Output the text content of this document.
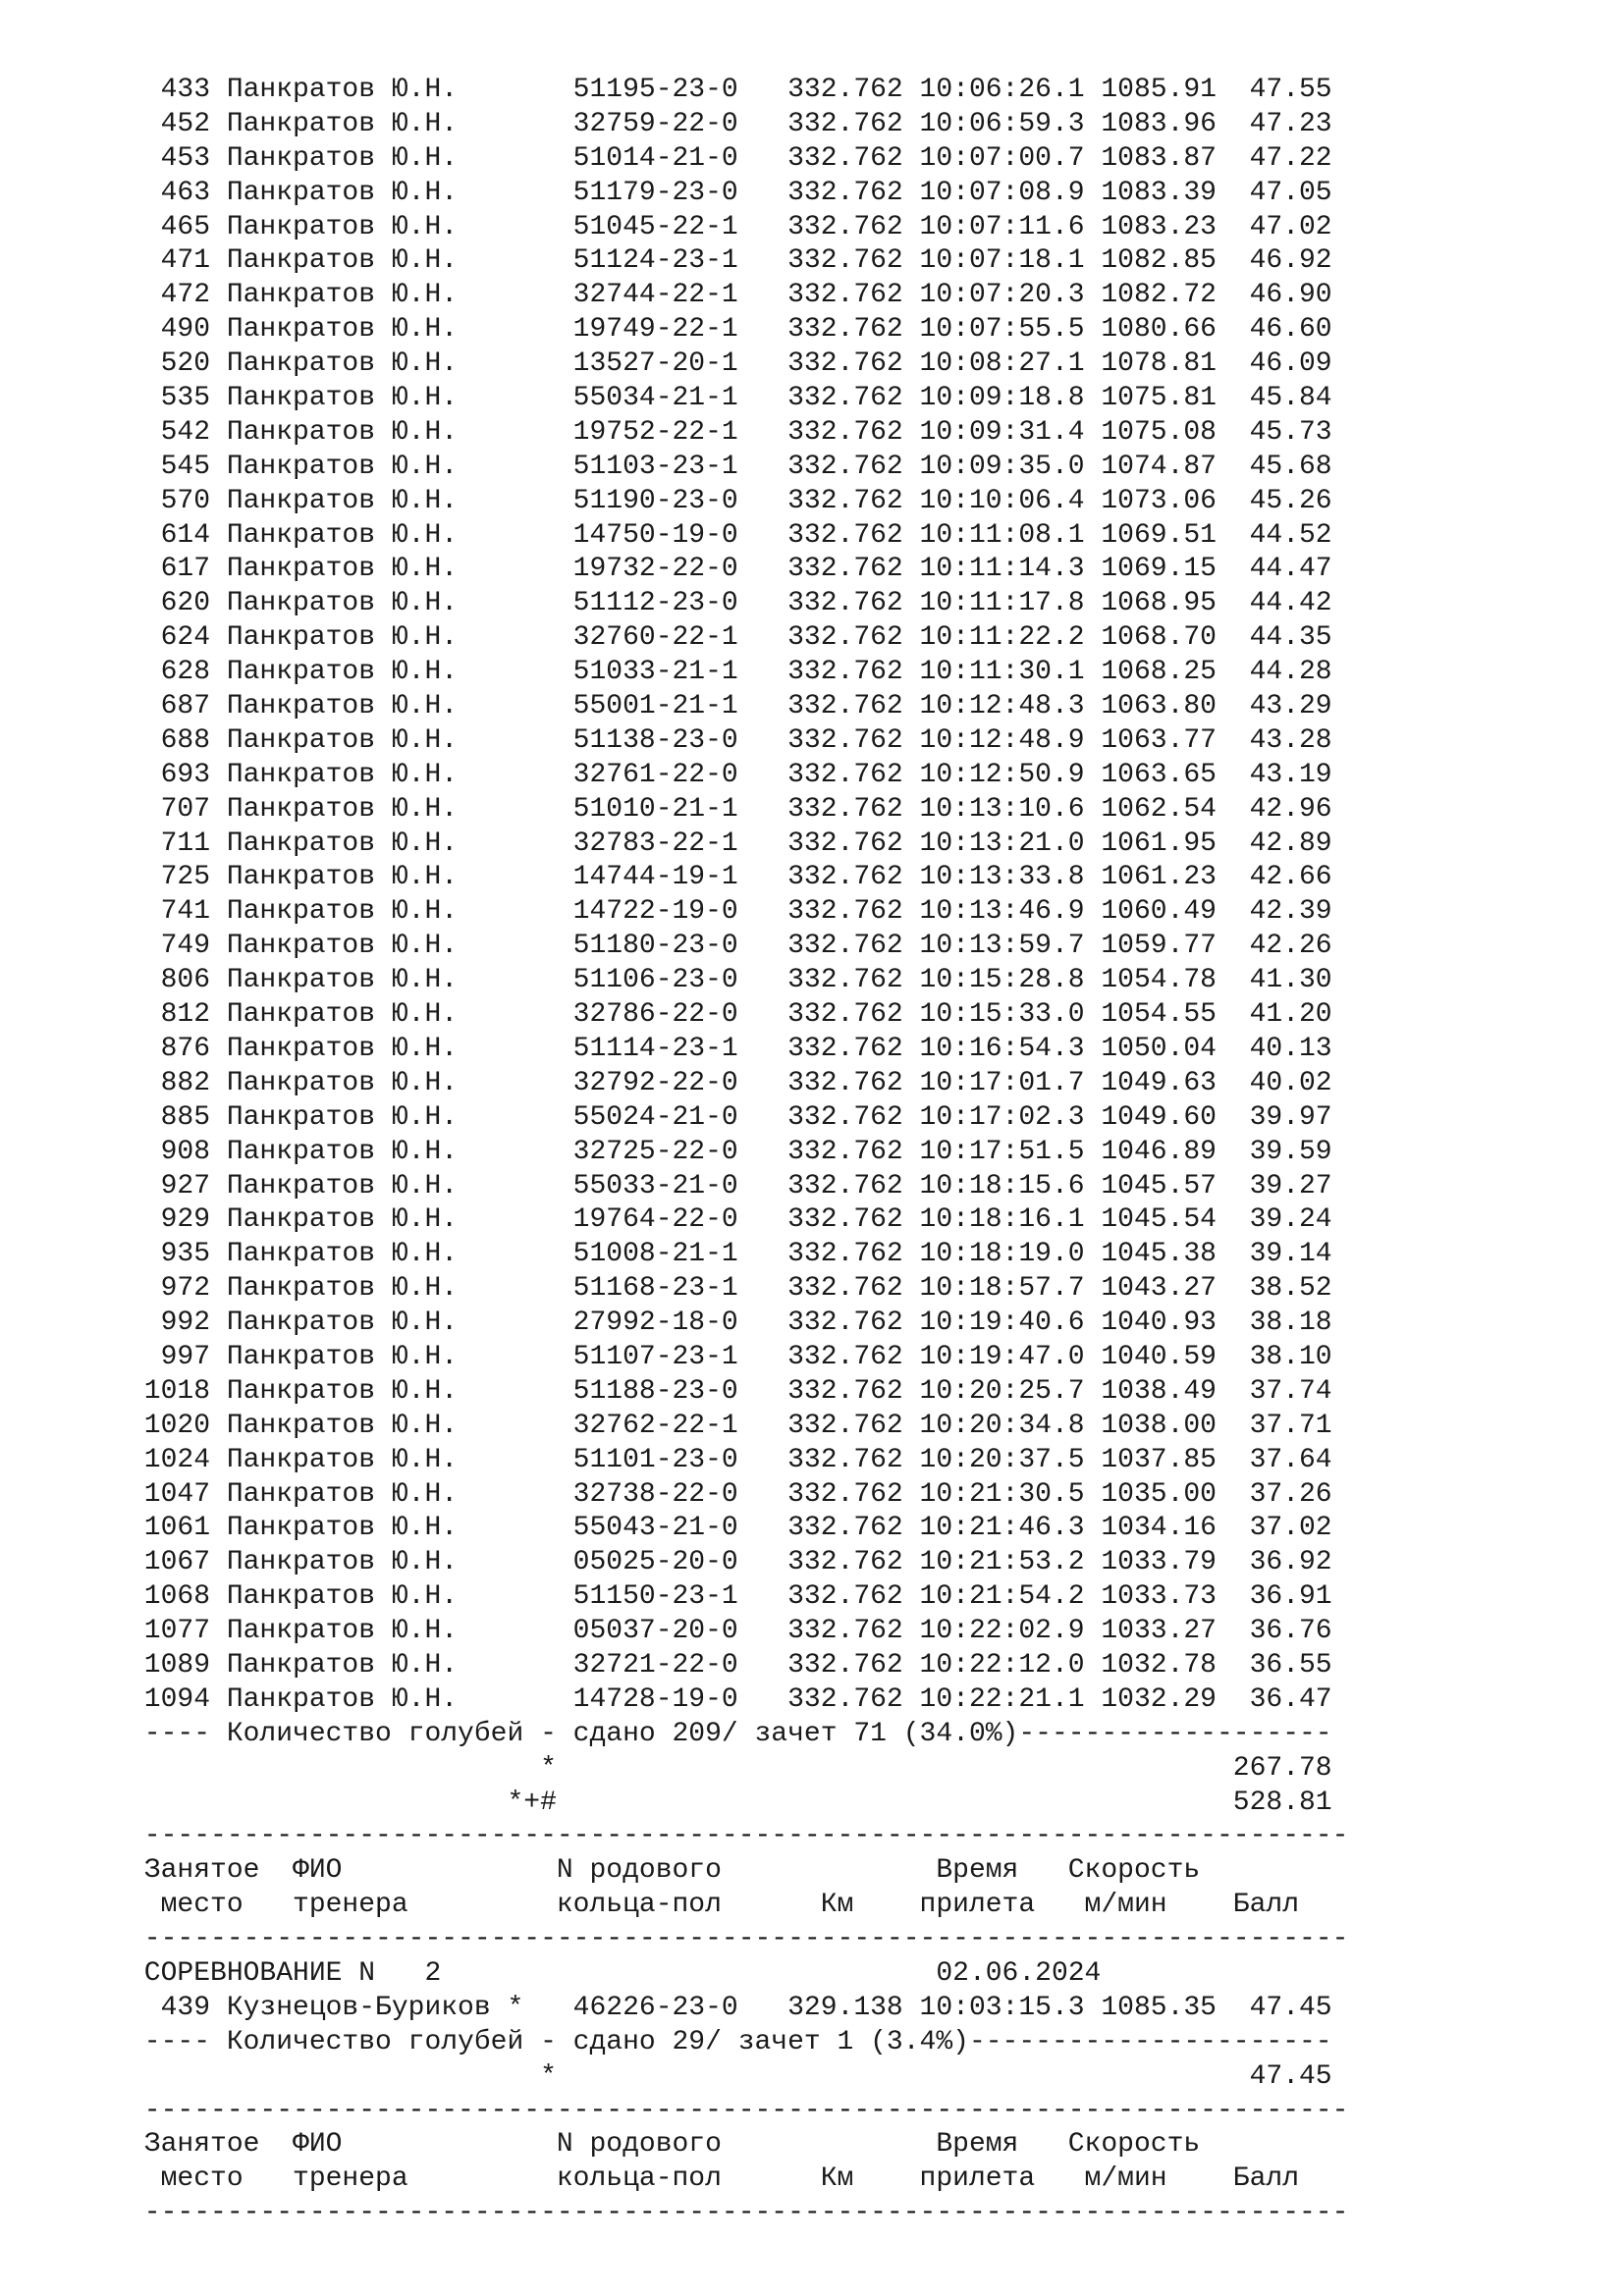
433 Панкратов Ю.Н.       51195-23-0   332.762 10:06:26.1 1085.91  47.55
452 Панкратов Ю.Н.       32759-22-0   332.762 10:06:59.3 1083.96  47.23
453 Панкратов Ю.Н.       51014-21-0   332.762 10:07:00.7 1083.87  47.22
463 Панкратов Ю.Н.       51179-23-0   332.762 10:07:08.9 1083.39  47.05
465 Панкратов Ю.Н.       51045-22-1   332.762 10:07:11.6 1083.23  47.02
471 Панкратов Ю.Н.       51124-23-1   332.762 10:07:18.1 1082.85  46.92
472 Панкратов Ю.Н.       32744-22-1   332.762 10:07:20.3 1082.72  46.90
490 Панкратов Ю.Н.       19749-22-1   332.762 10:07:55.5 1080.66  46.60
520 Панкратов Ю.Н.       13527-20-1   332.762 10:08:27.1 1078.81  46.09
535 Панкратов Ю.Н.       55034-21-1   332.762 10:09:18.8 1075.81  45.84
542 Панкратов Ю.Н.       19752-22-1   332.762 10:09:31.4 1075.08  45.73
545 Панкратов Ю.Н.       51103-23-1   332.762 10:09:35.0 1074.87  45.68
570 Панкратов Ю.Н.       51190-23-0   332.762 10:10:06.4 1073.06  45.26
614 Панкратов Ю.Н.       14750-19-0   332.762 10:11:08.1 1069.51  44.52
617 Панкратов Ю.Н.       19732-22-0   332.762 10:11:14.3 1069.15  44.47
620 Панкратов Ю.Н.       51112-23-0   332.762 10:11:17.8 1068.95  44.42
624 Панкратов Ю.Н.       32760-22-1   332.762 10:11:22.2 1068.70  44.35
628 Панкратов Ю.Н.       51033-21-1   332.762 10:11:30.1 1068.25  44.28
687 Панкратов Ю.Н.       55001-21-1   332.762 10:12:48.3 1063.80  43.29
688 Панкратов Ю.Н.       51138-23-0   332.762 10:12:48.9 1063.77  43.28
693 Панкратов Ю.Н.       32761-22-0   332.762 10:12:50.9 1063.65  43.19
707 Панкратов Ю.Н.       51010-21-1   332.762 10:13:10.6 1062.54  42.96
711 Панкратов Ю.Н.       32783-22-1   332.762 10:13:21.0 1061.95  42.89
725 Панкратов Ю.Н.       14744-19-1   332.762 10:13:33.8 1061.23  42.66
741 Панкратов Ю.Н.       14722-19-0   332.762 10:13:46.9 1060.49  42.39
749 Панкратов Ю.Н.       51180-23-0   332.762 10:13:59.7 1059.77  42.26
806 Панкратов Ю.Н.       51106-23-0   332.762 10:15:28.8 1054.78  41.30
812 Панкратов Ю.Н.       32786-22-0   332.762 10:15:33.0 1054.55  41.20
876 Панкратов Ю.Н.       51114-23-1   332.762 10:16:54.3 1050.04  40.13
882 Панкратов Ю.Н.       32792-22-0   332.762 10:17:01.7 1049.63  40.02
885 Панкратов Ю.Н.       55024-21-0   332.762 10:17:02.3 1049.60  39.97
908 Панкратов Ю.Н.       32725-22-0   332.762 10:17:51.5 1046.89  39.59
927 Панкратов Ю.Н.       55033-21-0   332.762 10:18:15.6 1045.57  39.27
929 Панкратов Ю.Н.       19764-22-0   332.762 10:18:16.1 1045.54  39.24
935 Панкратов Ю.Н.       51008-21-1   332.762 10:18:19.0 1045.38  39.14
972 Панкратов Ю.Н.       51168-23-1   332.762 10:18:57.7 1043.27  38.52
992 Панкратов Ю.Н.       27992-18-0   332.762 10:19:40.6 1040.93  38.18
997 Панкратов Ю.Н.       51107-23-1   332.762 10:19:47.0 1040.59  38.10
1018 Панкратов Ю.Н.       51188-23-0   332.762 10:20:25.7 1038.49  37.74
1020 Панкратов Ю.Н.       32762-22-1   332.762 10:20:34.8 1038.00  37.71
1024 Панкратов Ю.Н.       51101-23-0   332.762 10:20:37.5 1037.85  37.64
1047 Панкратов Ю.Н.       32738-22-0   332.762 10:21:30.5 1035.00  37.26
1061 Панкратов Ю.Н.       55043-21-0   332.762 10:21:46.3 1034.16  37.02
1067 Панкратов Ю.Н.       05025-20-0   332.762 10:21:53.2 1033.79  36.92
1068 Панкратов Ю.Н.       51150-23-1   332.762 10:21:54.2 1033.73  36.91
1077 Панкратов Ю.Н.       05037-20-0   332.762 10:22:02.9 1033.27  36.76
1089 Панкратов Ю.Н.       32721-22-0   332.762 10:22:12.0 1032.78  36.55
1094 Панкратов Ю.Н.       14728-19-0   332.762 10:22:21.1 1032.29  36.47
---- Количество голубей - сдано 209/ зачет 71 (34.0%)-------------------
*                                         267.78
*+#                                         528.81
-------------------------------------------------------------------------
Занятое  ФИО             N родового             Время   Скорость
место   тренера         кольца-пол      Км    прилета   м/мин    Балл
-------------------------------------------------------------------------
СОРЕВНОВАНИЕ N   2                              02.06.2024
439 Кузнецов-Буриков *   46226-23-0   329.138 10:03:15.3 1085.35  47.45
---- Количество голубей - сдано 29/ зачет 1 (3.4%)----------------------
*                                          47.45
-------------------------------------------------------------------------
Занятое  ФИО             N родового             Время   Скорость
место   тренера         кольца-пол      Км    прилета   м/мин    Балл
-------------------------------------------------------------------------
